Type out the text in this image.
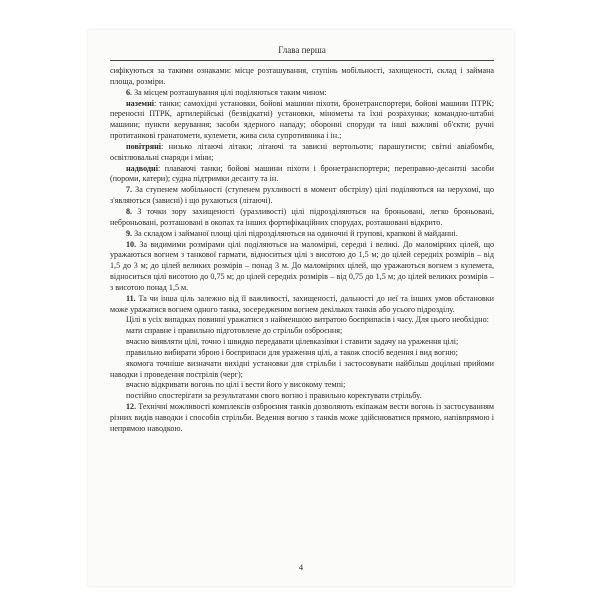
Глава перша

сифікуються за такими ознаками: місце розташування, ступінь мобільності, захищеності, склад і займана площа, розміри.

6. За місцем розташування цілі поділяються таким чином:

наземні: танки; самохідні установки, бойові машини піхоти, бронетранспортери, бойові машини ПТРК; переносні ПТРК, артилерійські (безвідкатні) установки, мінометы та їхні розрахунки; командно-штабні машини; пункти керування; засоби ядерного нападу; оборонні споруди та інші важливі об'єкти; ручні протитанкові гранатомети, кулемети, жива сила супротивника і ін.;

повітряні: низько літаючі літаки; літаючі та зависні вертольоти; парашутисти; світні авіабомби, освітлювальні снаряди і міни;

надводні: плаваючі танки; бойові машини піхоти і бронетранспортери; переправно-десантні засоби (пороми, катери); судна підтримки десанту та ін.

7. За ступенем мобільності (ступенем рухливості в момент обстрілу) цілі поділяються на нерухомі, що з'являються (зависні) і що рухаються (літаючі).

8. З точки зору захищеності (уразливості) цілі підрозділяються на броньовані, легко броньовані, неброньовані, розташовані в окопах та інших фортифікаційних спорудах, розташовані відкрито.

9. За складом і займаної площі цілі підрозділяються на одиночні й групові, крапкові й майданні.

10. За видимими розмірами цілі поділяються на маломірні, середні і великі. До маломірних цілей, що уражаються вогнем з танкової гармати, відноситься цілі з висотою до 1,5 м; до цілей середніх розмірів – від 1,5 до 3 м; до цілей великих розмірів – понад 3 м. До маломірних цілей, що уражаються вогнем з кулемета, відноситься цілі висотою до 0,75 м; до цілей середніх розмірів – від 0,75 до 1,5 м; до цілей великих розмірів – з висотою понад 1,5 м.

11. Та чи інша ціль залежно від її важливості, захищеності, дальності до неї та інших умов обстановки може уражатися вогнем одного танка, зосередженим вогнем декількох танків або усього підрозділу.

Цілі в усіх випадках повинні уражатися з найменшою витратою боєприпасів і часу. Для цього необхідно:

мати справне і правильно підготовлене до стрільби озброєння;

вчасно виявляти цілі, точно і швидко передавати цілевказівки і ставити задачу на ураження цілі;

правильно вибирати зброю і боєприпаси для ураження цілі, а також спосіб ведення і вид вогню;

якомога точніше визначати вихідні установки для стрільби і застосовувати найбільш доцільні прийоми наводки і проведення пострілів (черг);

вчасно відкривати вогонь по цілі і вести його у високому темпі;

постійно спостерігати за результатами свого вогню і правильно коректувати стрільбу.

12. Технічні можливості комплексів озброєння танків дозволяють екіпажам вести вогонь із застосуванням різних видів наводки і способів стрільби. Ведення вогню з танків може здійснюватися прямою, напівпрямою і непрямою наводкою.

4
